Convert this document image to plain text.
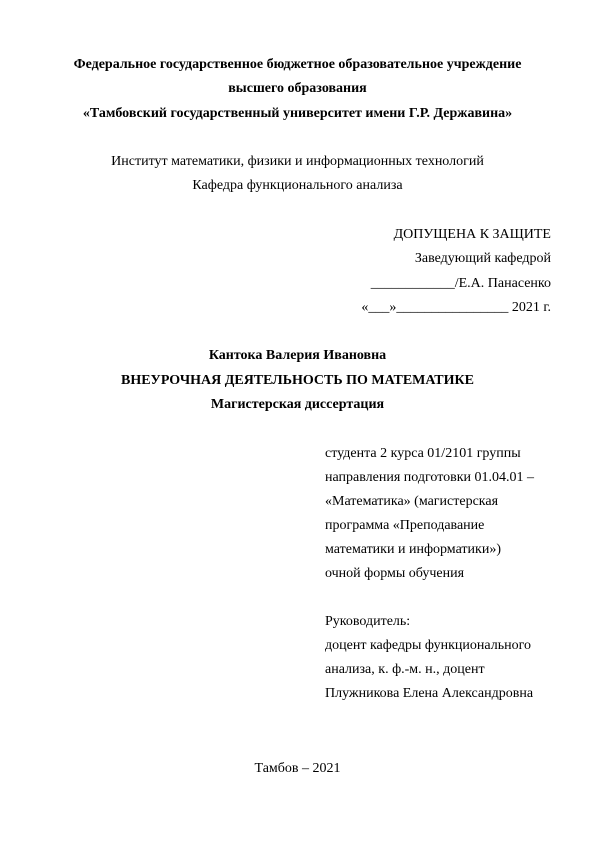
Федеральное государственное бюджетное образовательное учреждение
высшего образования
«Тамбовский государственный университет имени Г.Р. Державина»
Институт математики, физики и информационных технологий
Кафедра функционального анализа
ДОПУЩЕНА К ЗАЩИТЕ
Заведующий кафедрой
____________/Е.А. Панасенко
«___»________________ 2021 г.
Кантока Валерия Ивановна
ВНЕУРОЧНАЯ ДЕЯТЕЛЬНОСТЬ ПО МАТЕМАТИКЕ
Магистерская диссертация
студента 2 курса 01/2101 группы
направления подготовки 01.04.01 –
«Математика» (магистерская
программа «Преподавание
математики и информатики»)
очной формы обучения
Руководитель:
доцент кафедры функционального
анализа, к. ф.-м. н., доцент
Плужникова Елена Александровна
Тамбов – 2021
